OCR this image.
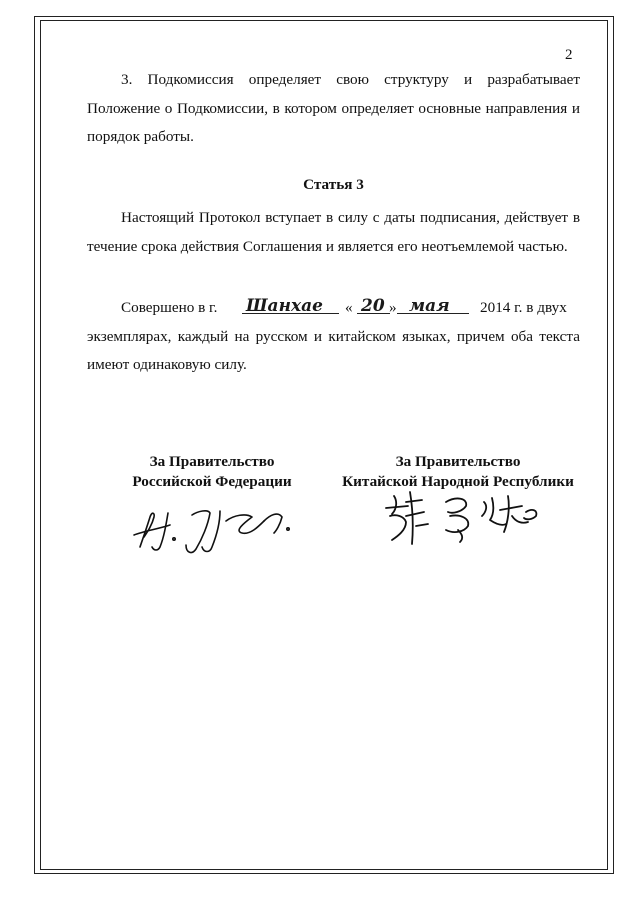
2

3. Подкомиссия определяет свою структуру и разрабатывает Положение о Подкомиссии, в котором определяет основные направления и порядок работы.

Статья 3

Настоящий Протокол вступает в силу с даты подписания, действует в течение срока действия Соглашения и является его неотъемлемой частью.

Совершено в г. Шанхае « 20 » мая 2014 г. в двух
экземплярах, каждый на русском и китайском языках, причем оба текста имеют одинаковую силу.
За Правительство
Российской Федерации
За Правительство
Китайской Народной Республики
